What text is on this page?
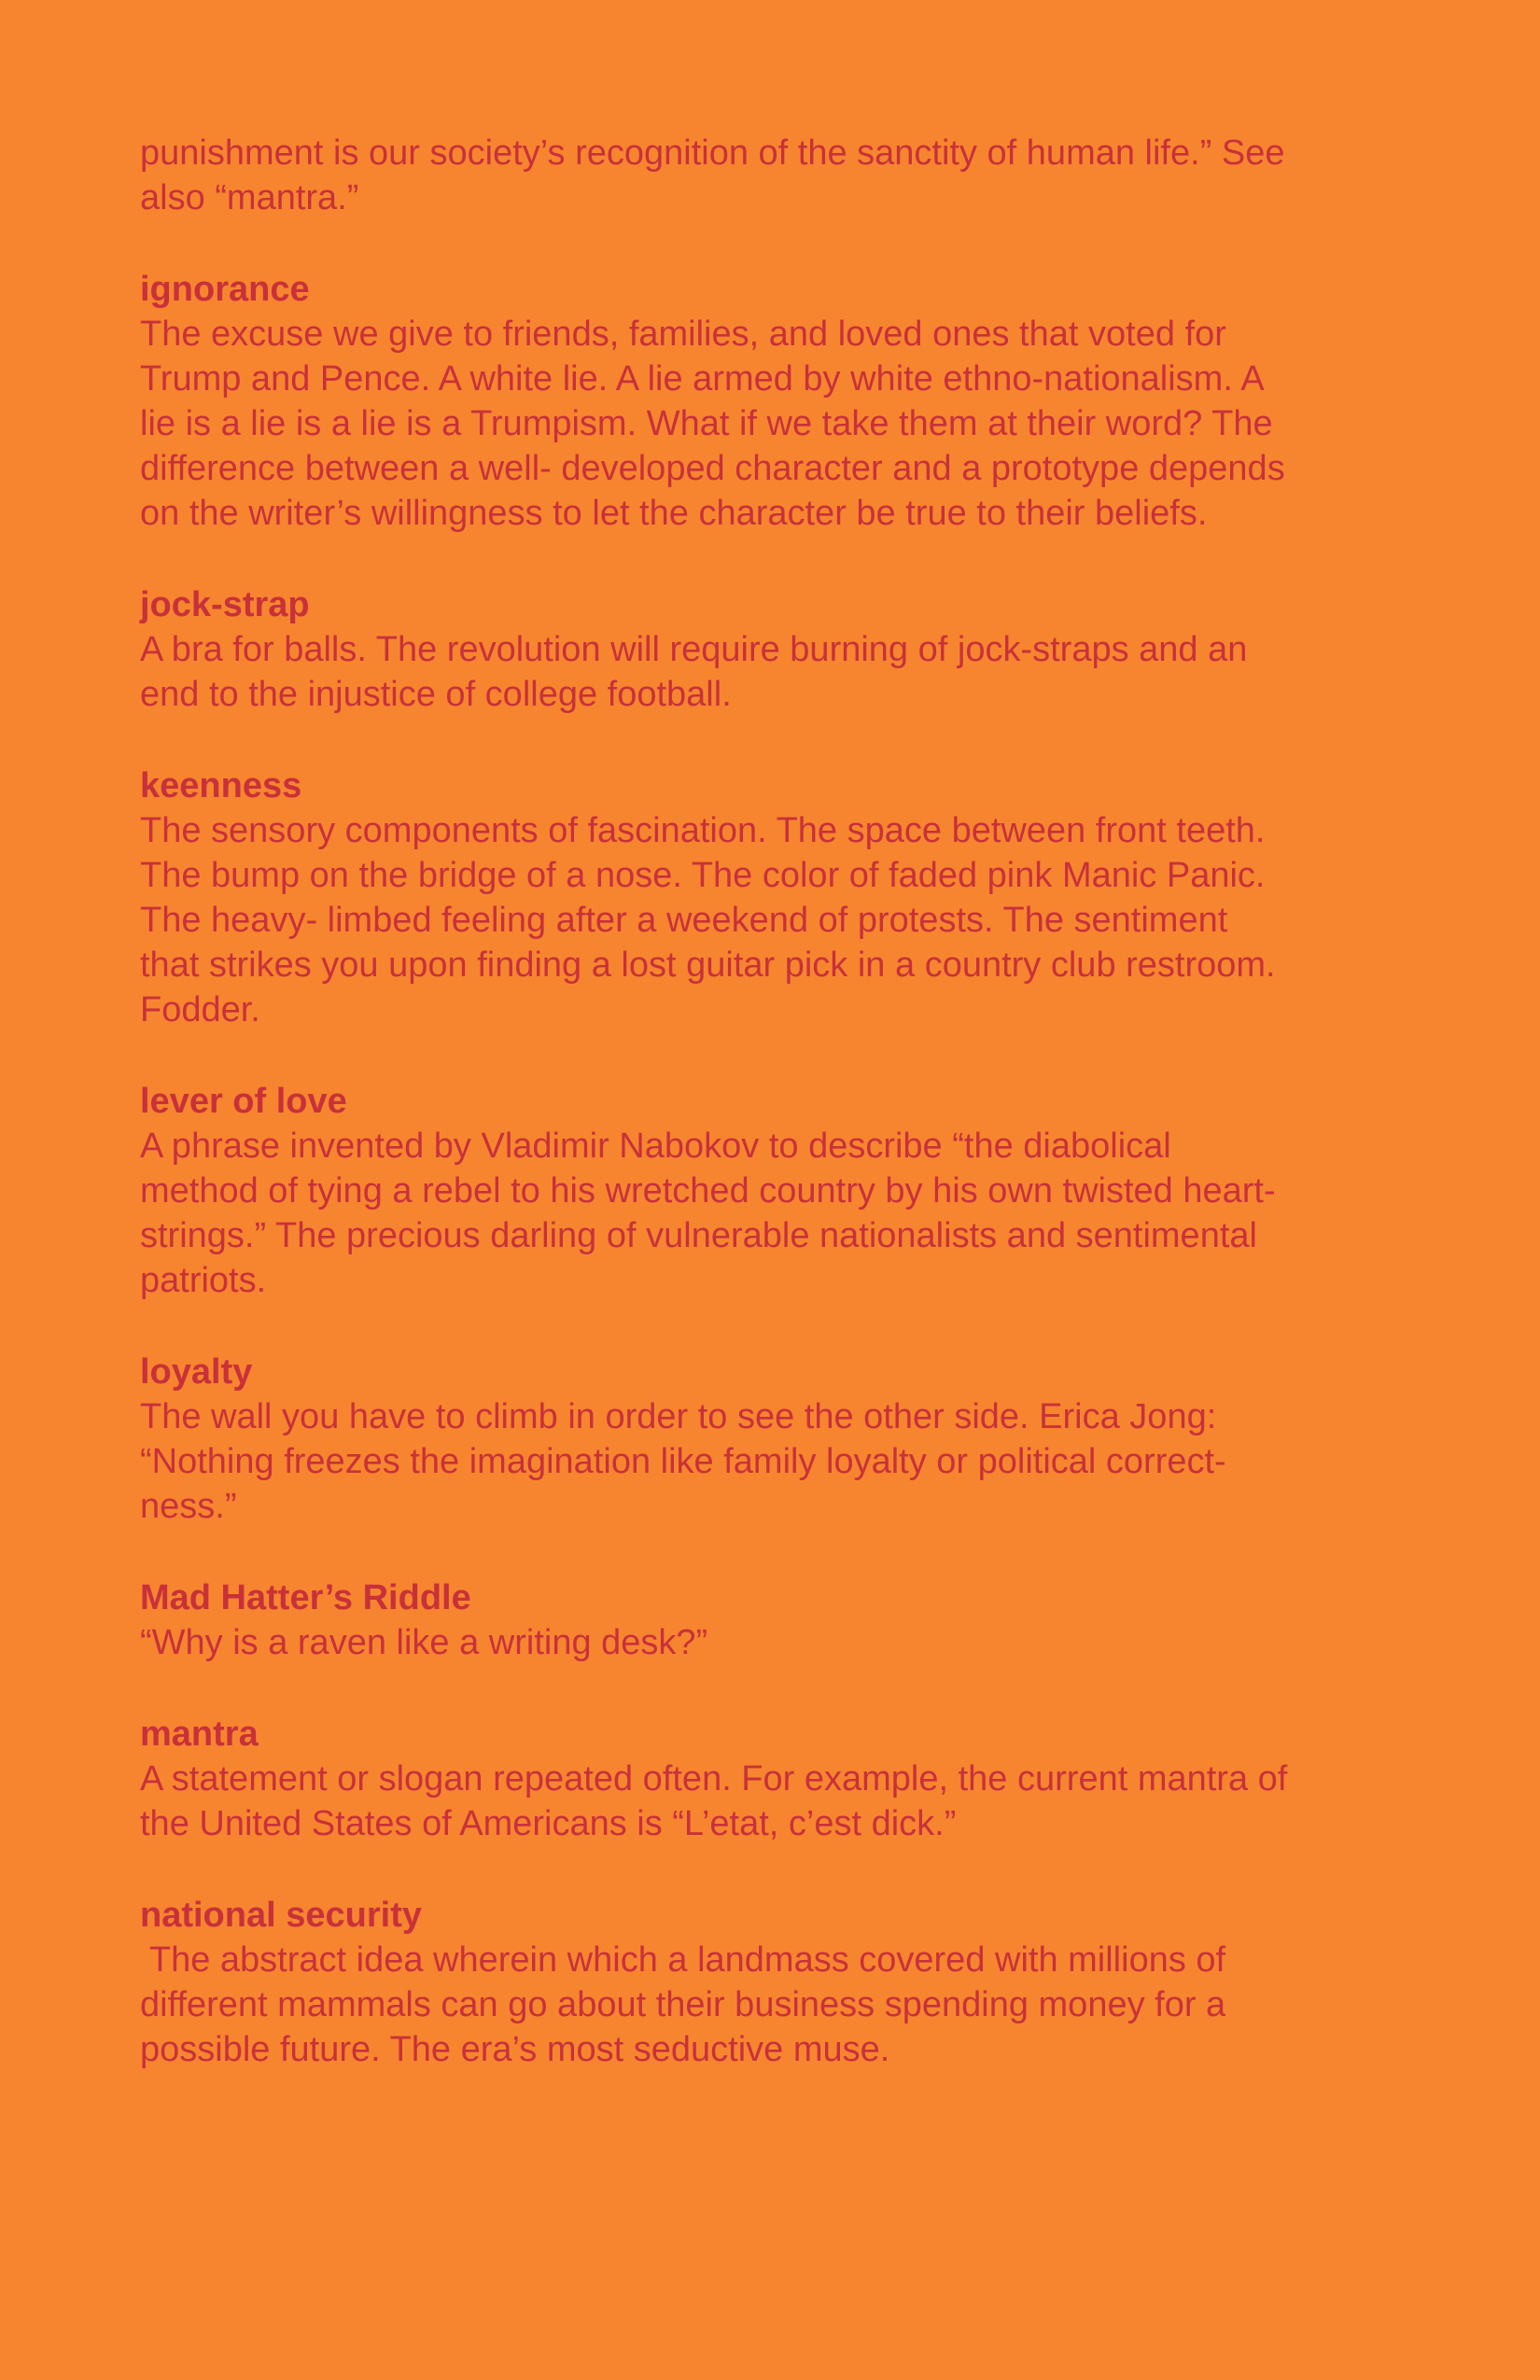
punishment is our society’s recognition of the sanctity of human life.” See
also “mantra.”

ignorance

The excuse we give to friends, families, and loved ones that voted for
Trump and Pence. A white lie. A lie armed by white ethno-nationalism. A
lie is a lie is a lie is a Trumpism. What if we take them at their word? The
difference between a well- developed character and a prototype depends
on the writer’s willingness to let the character be true to their beliefs.

jock-strap

A bra for balls. The revolution will require burning of jock-straps and an
end to the injustice of college football.

keenness

The sensory components of fascination. The space between front teeth.
The bump on the bridge of a nose. The color of faded pink Manic Panic.
The heavy- limbed feeling after a weekend of protests. The sentiment
that strikes you upon finding a lost guitar pick in a country club restroom.
Fodder.

lever of love

A phrase invented by Vladimir Nabokov to describe “the diabolical
method of tying a rebel to his wretched country by his own twisted heart-
strings.” The precious darling of vulnerable nationalists and sentimental
patriots.

loyalty

The wall you have to climb in order to see the other side. Erica Jong:
“Nothing freezes the imagination like family loyalty or political correct-
ness.”

Mad Hatter’s Riddle

“Why is a raven like a writing desk?”

mantra

A statement or slogan repeated often. For example, the current mantra of
the United States of Americans is “L’etat, c’est dick.”

national security

The abstract idea wherein which a landmass covered with millions of
different mammals can go about their business spending money for a
possible future. The era’s most seductive muse.
